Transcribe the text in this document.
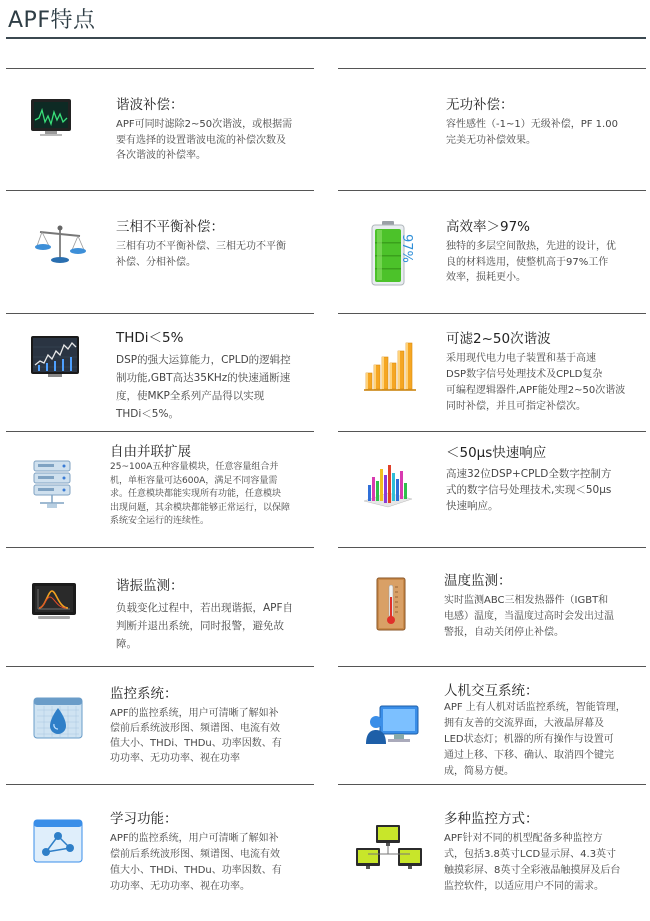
APF特点
谐波补偿：
APF可同时滤除2~50次谐波，或根据需
要有选择的设置谐波电流的补偿次数及
各次谐波的补偿率。
无功补偿：
容性感性（-1~1）无级补偿，PF 1.00
完美无功补偿效果。
三相不平衡补偿：
三相有功不平衡补偿、三相无功不平衡
补偿、分相补偿。	97%
高效率＞97%
独特的多层空间散热，先进的设计，优
良的材料选用，使整机高于97%工作
效率，损耗更小。
THDi＜5%
DSP的强大运算能力，CPLD的逻辑控
制功能,GBT高达35KHz的快速通断速
度，使MKP全系列产品得以实现
THDi＜5%。
可滤2~50次谐波
采用现代电力电子装置和基于高速
DSP数字信号处理技术及CPLD复杂
可编程逻辑器件,APF能处理2~50次谐波
同时补偿，并且可指定补偿次。
自由并联扩展
25~100A五种容量模块，任意容量组合并
机，单柜容量可达600A，满足不同容量需
求。任意模块都能实现所有功能，任意模块
出现问题，其余模块都能够正常运行，以保障
系统安全运行的连续性。
＜50μs快速响应
高速32位DSP+CPLD全数字控制方
式的数字信号处理技术,实现＜50μs
快速响应。
谐振监测：
负载变化过程中，若出现谐振，APF自
判断并退出系统，同时报警，避免故
障。
温度监测：
实时监测ABC三相发热器件（IGBT和
电感）温度，当温度过高时会发出过温
警报，自动关闭停止补偿。
监控系统：
APF的监控系统，用户可清晰了解如补
偿前后系统波形图、频谱图、电流有效
值大小、THDi、THDu、功率因数、有
功功率、无功功率、视在功率
人机交互系统：
APF 上有人机对话监控系统，智能管理，
拥有友善的交流界面，大液晶屏幕及
LED状态灯；机器的所有操作与设置可
通过上移、下移、确认、取消四个键完
成，简易方便。
学习功能：
APF的监控系统，用户可清晰了解如补
偿前后系统波形图、频谱图、电流有效
值大小、THDi、THDu、功率因数、有
功功率、无功功率、视在功率。
多种监控方式：
APF针对不同的机型配备多种监控方
式，包括3.8英寸LCD显示屏、4.3英寸
触摸彩屏、8英寸全彩液晶触摸屏及后台
监控软件，以适应用户不同的需求。
